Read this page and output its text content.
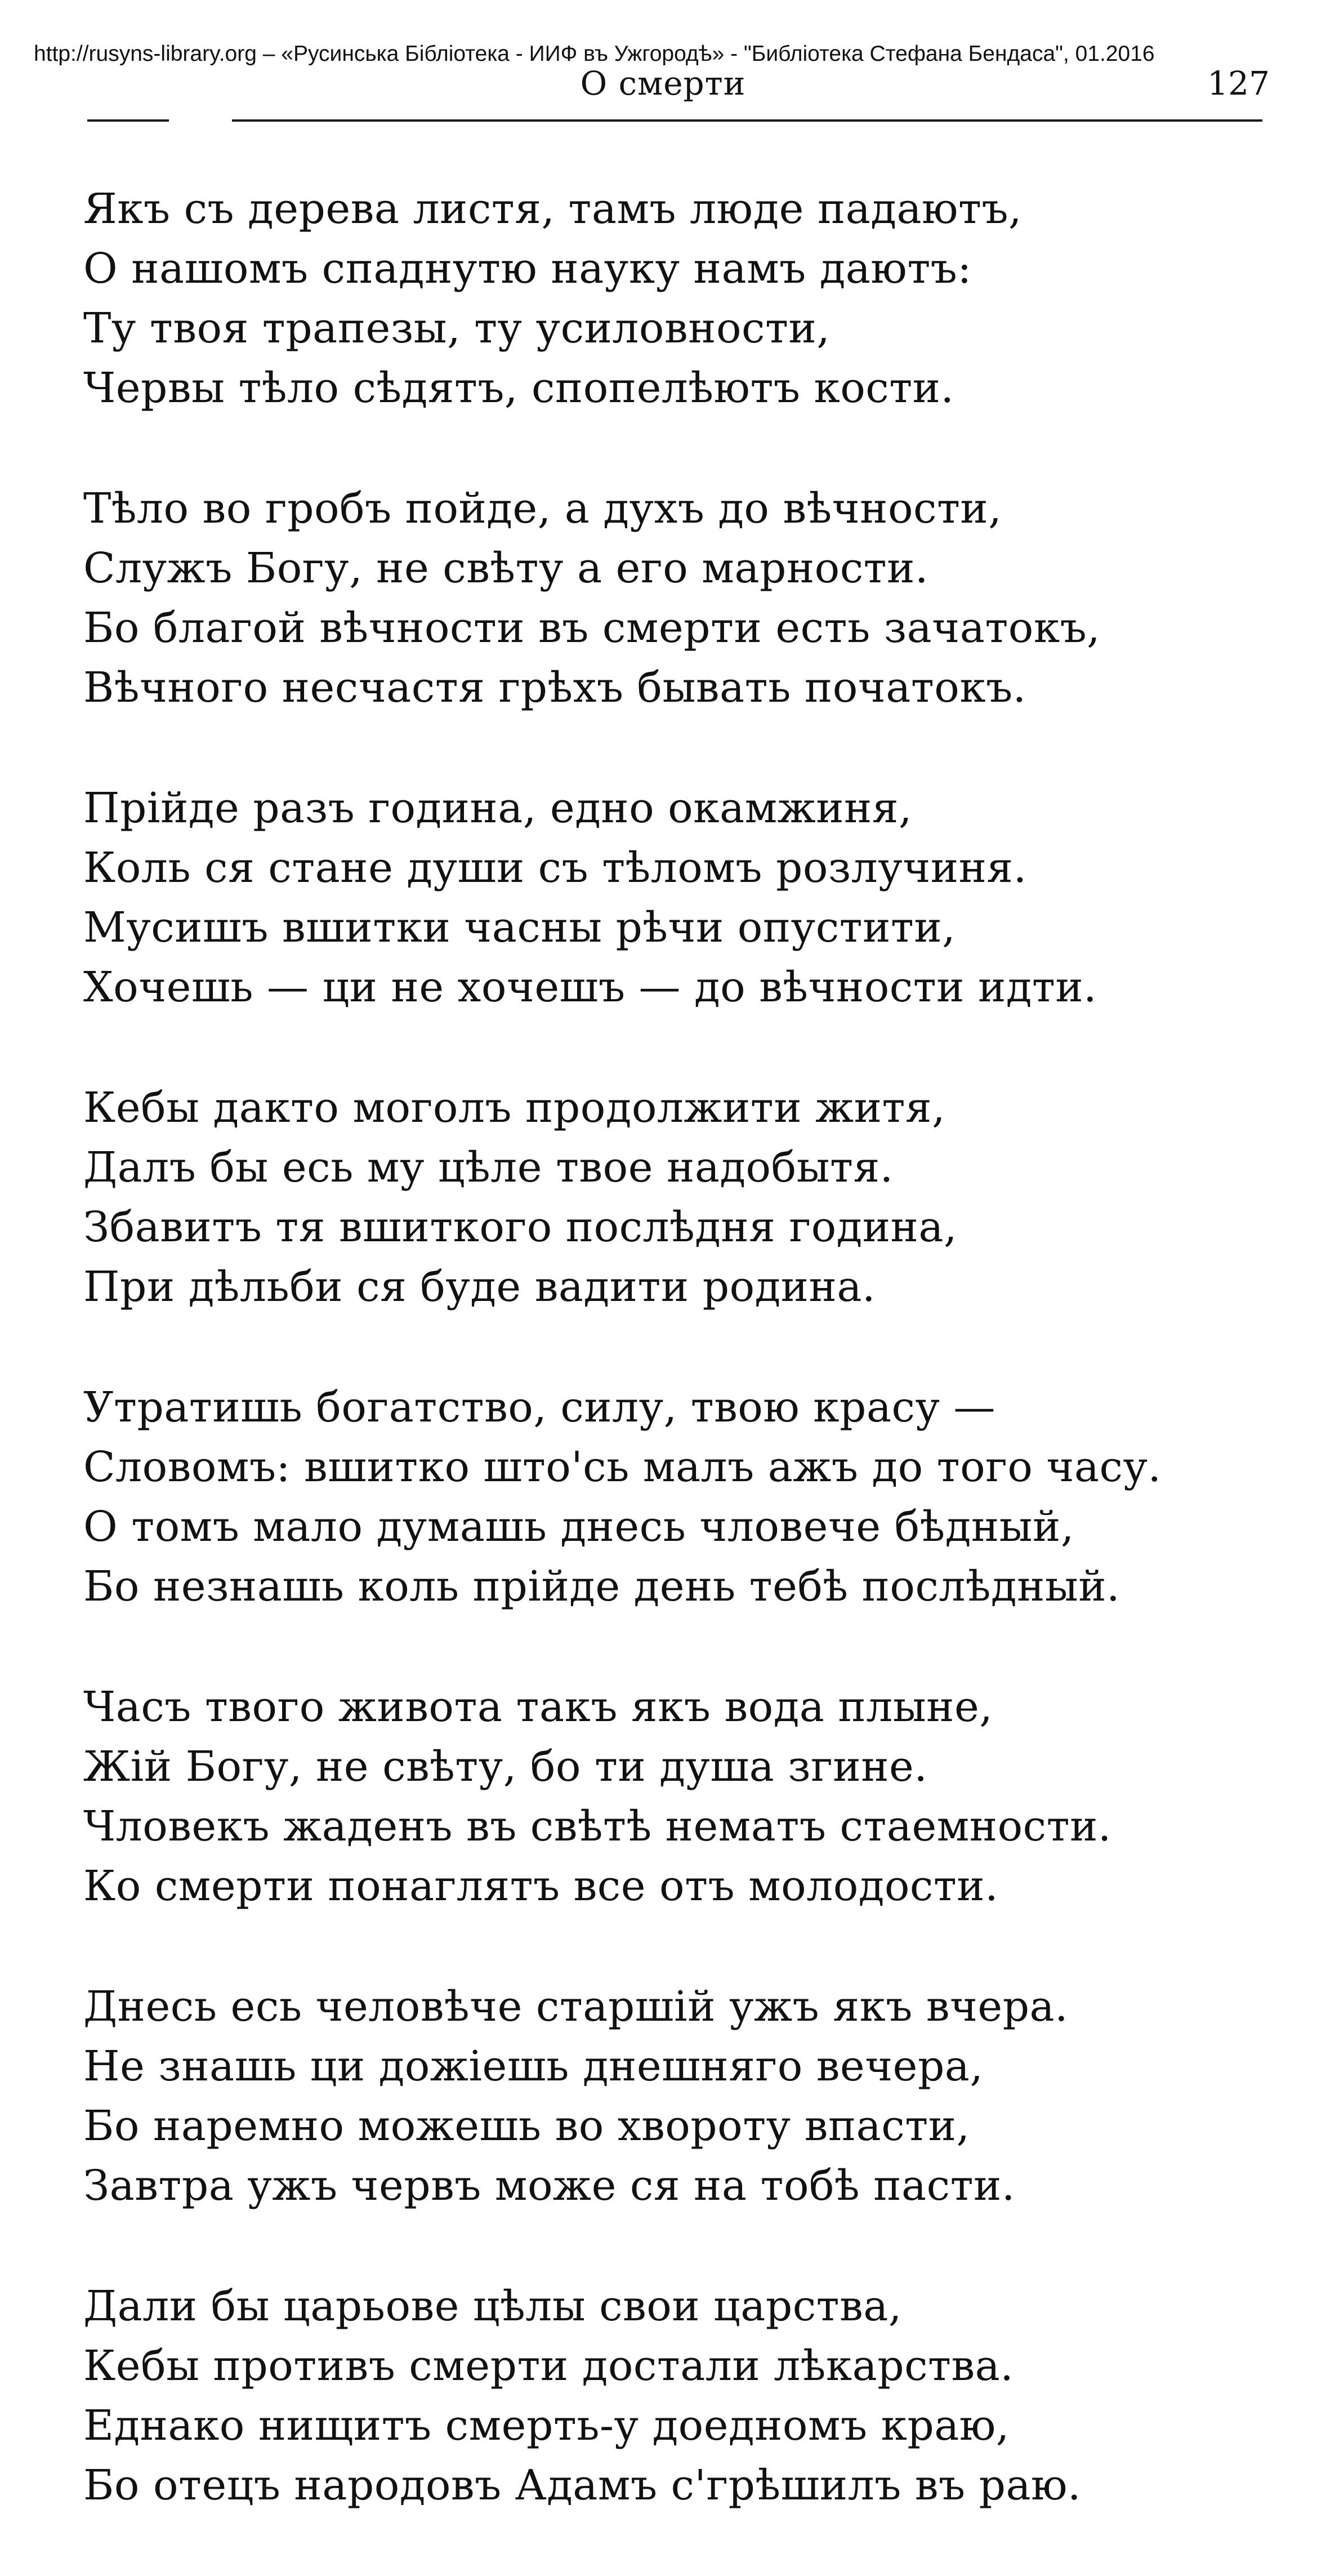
http://rusyns-library.org – «Русинська Бібліотека - ИИФ въ Ужгородѣ» - "Библіотека Стефана Бендаса", 01.2016
О смерти	127
Якъ съ дерева листя, тамъ люде падаютъ,
О нашомъ спаднутю науку намъ даютъ:
Ту твоя трапезы, ту усиловности,
Червы тѣло сѣдятъ, спопелѣютъ кости.
Тѣло во гробъ пойде, а духъ до вѣчности,
Служъ Богу, не свѣту а его марности.
Бо благой вѣчности въ смерти есть зачатокъ,
Вѣчного несчастя грѣхъ бывать початокъ.
Прійде разъ година, едно окамжиня,
Коль ся стане души съ тѣломъ розлучиня.
Мусишъ вшитки часны рѣчи опустити,
Хочешь — ци не хочешъ — до вѣчности идти.
Кебы дакто моголъ продолжити житя,
Далъ бы есь му цѣле твое надобытя.
Збавитъ тя вшиткого послѣдня година,
При дѣльби ся буде вадити родина.
Утратишь богатство, силу, твою красу —
Словомъ: вшитко што'сь малъ ажъ до того часу.
О томъ мало думашь днесь чловече бѣдный,
Бо незнашь коль прійде день тебѣ послѣдный.
Часъ твого живота такъ якъ вода плыне,
Жій Богу, не свѣту, бо ти душа згине.
Чловекъ жаденъ въ свѣтѣ нематъ стаемности.
Ко смерти понаглятъ все отъ молодости.
Днесь есь человѣче старшій ужъ якъ вчера.
Не знашь ци дожіешь днешняго вечера,
Бо наремно можешь во хвороту впасти,
Завтра ужъ червъ може ся на тобѣ пасти.
Дали бы царьове цѣлы свои царства,
Кебы противъ смерти достали лѣкарства.
Еднако нищитъ смерть-у доедномъ краю,
Бо отецъ народовъ Адамъ с'грѣшилъ въ раю.
